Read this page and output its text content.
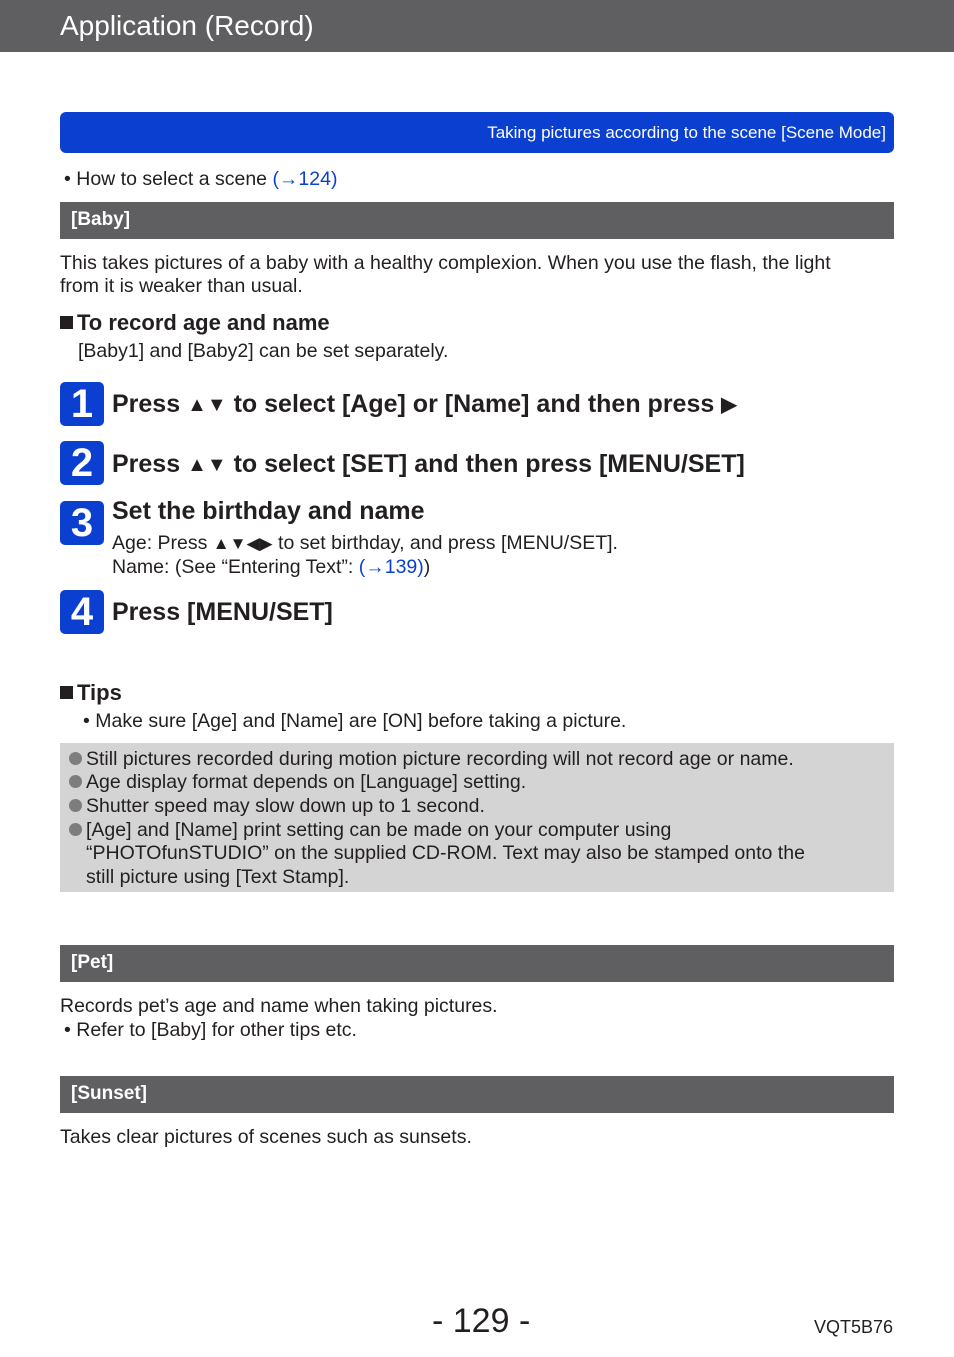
Application (Record)
Taking pictures according to the scene [Scene Mode]
• How to select a scene (→124)
[Baby]
This takes pictures of a baby with a healthy complexion. When you use the flash, the light
from it is weaker than usual.
To record age and name
[Baby1] and [Baby2] can be set separately.
1 Press ▲▼ to select [Age] or [Name] and then press ▶
2 Press ▲▼ to select [SET] and then press [MENU/SET]
3 Set the birthday and name
Age: Press ▲▼◀▶ to set birthday, and press [MENU/SET].
Name: (See “Entering Text”: (→139))
4 Press [MENU/SET]
Tips
• Make sure [Age] and [Name] are [ON] before taking a picture.
Still pictures recorded during motion picture recording will not record age or name.
Age display format depends on [Language] setting.
Shutter speed may slow down up to 1 second.
[Age] and [Name] print setting can be made on your computer using
“PHOTOfunSTUDIO” on the supplied CD-ROM. Text may also be stamped onto the
still picture using [Text Stamp].
[Pet]
Records pet’s age and name when taking pictures.
• Refer to [Baby] for other tips etc.
[Sunset]
Takes clear pictures of scenes such as sunsets.
- 129 -	VQT5B76
